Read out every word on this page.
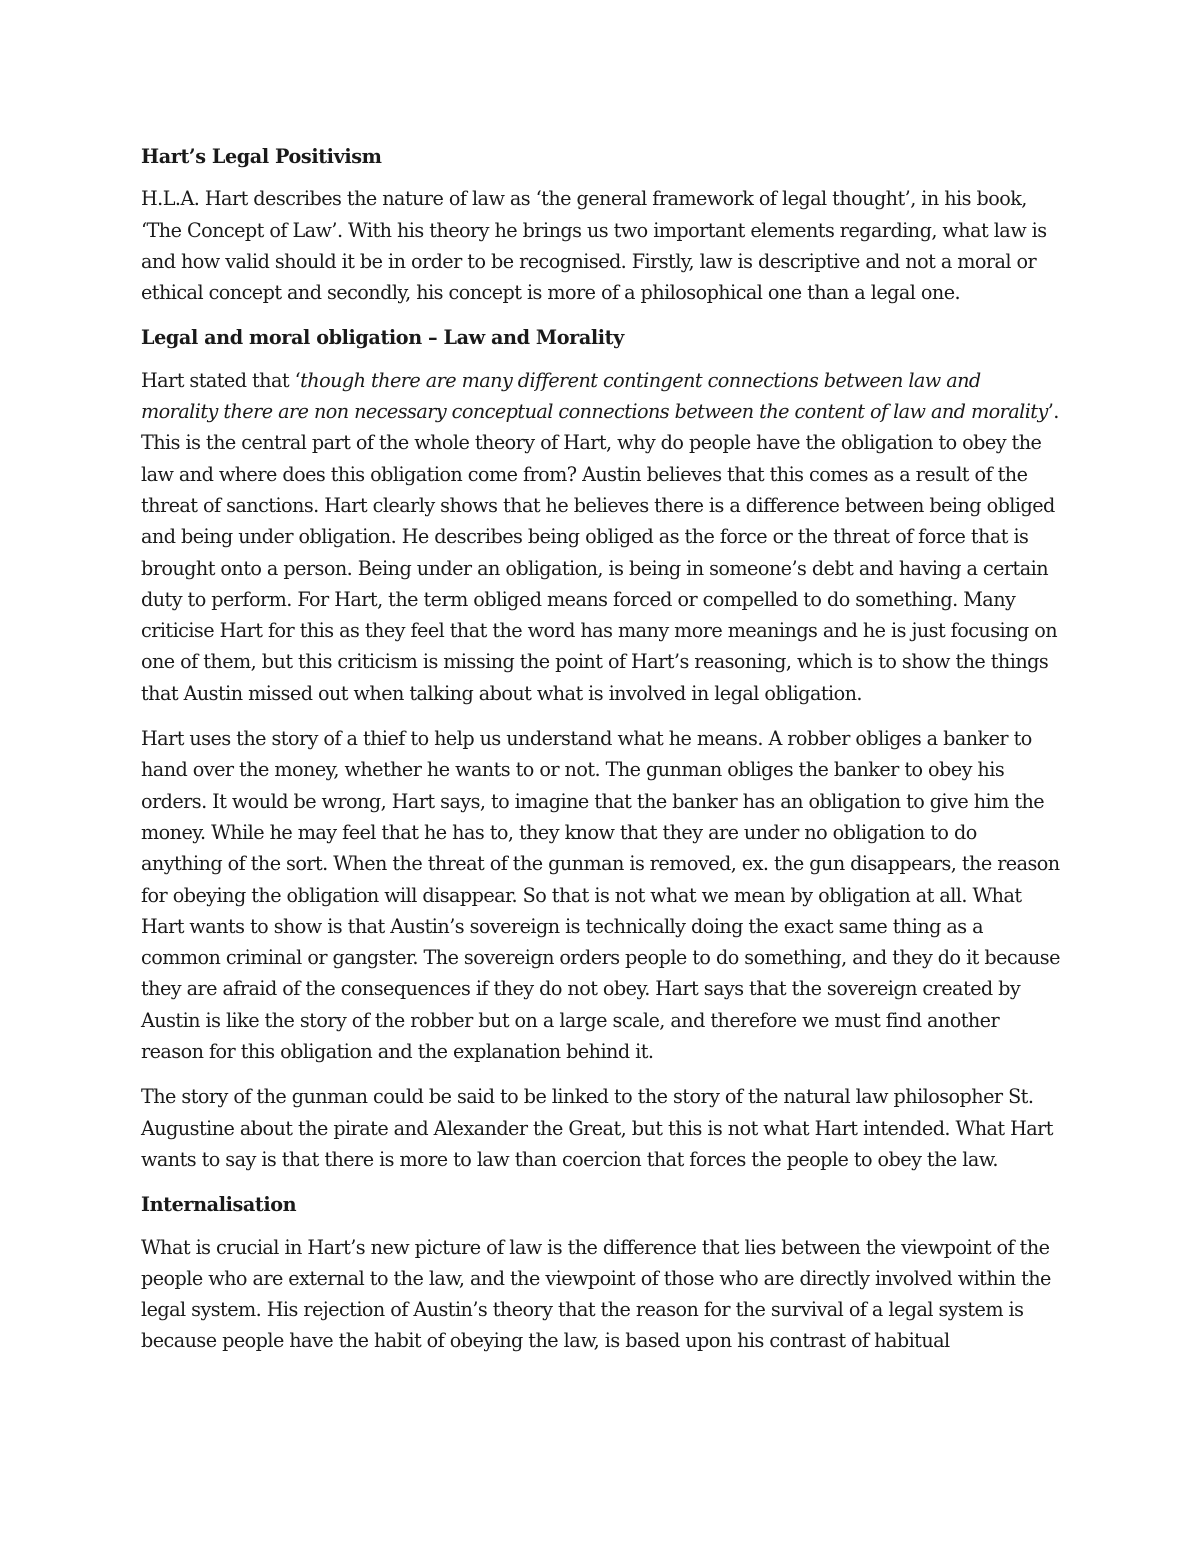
Hart’s Legal Positivism

H.L.A. Hart describes the nature of law as ‘the general framework of legal thought’, in his book, ‘The Concept of Law’. With his theory he brings us two important elements regarding, what law is and how valid should it be in order to be recognised. Firstly, law is descriptive and not a moral or ethical concept and secondly, his concept is more of a philosophical one than a legal one.

Legal and moral obligation – Law and Morality

Hart stated that ‘though there are many different contingent connections between law and morality there are non necessary conceptual connections between the content of law and morality’. This is the central part of the whole theory of Hart, why do people have the obligation to obey the law and where does this obligation come from? Austin believes that this comes as a result of the threat of sanctions. Hart clearly shows that he believes there is a difference between being obliged and being under obligation. He describes being obliged as the force or the threat of force that is brought onto a person. Being under an obligation, is being in someone’s debt and having a certain duty to perform. For Hart, the term obliged means forced or compelled to do something. Many criticise Hart for this as they feel that the word has many more meanings and he is just focusing on one of them, but this criticism is missing the point of Hart’s reasoning, which is to show the things that Austin missed out when talking about what is involved in legal obligation.

Hart uses the story of a thief to help us understand what he means. A robber obliges a banker to hand over the money, whether he wants to or not. The gunman obliges the banker to obey his orders. It would be wrong, Hart says, to imagine that the banker has an obligation to give him the money. While he may feel that he has to, they know that they are under no obligation to do anything of the sort. When the threat of the gunman is removed, ex. the gun disappears, the reason for obeying the obligation will disappear. So that is not what we mean by obligation at all. What Hart wants to show is that Austin’s sovereign is technically doing the exact same thing as a common criminal or gangster. The sovereign orders people to do something, and they do it because they are afraid of the consequences if they do not obey. Hart says that the sovereign created by Austin is like the story of the robber but on a large scale, and therefore we must find another reason for this obligation and the explanation behind it.

The story of the gunman could be said to be linked to the story of the natural law philosopher St. Augustine about the pirate and Alexander the Great, but this is not what Hart intended. What Hart wants to say is that there is more to law than coercion that forces the people to obey the law.

Internalisation

What is crucial in Hart’s new picture of law is the difference that lies between the viewpoint of the people who are external to the law, and the viewpoint of those who are directly involved within the legal system. His rejection of Austin’s theory that the reason for the survival of a legal system is because people have the habit of obeying the law, is based upon his contrast of habitual
